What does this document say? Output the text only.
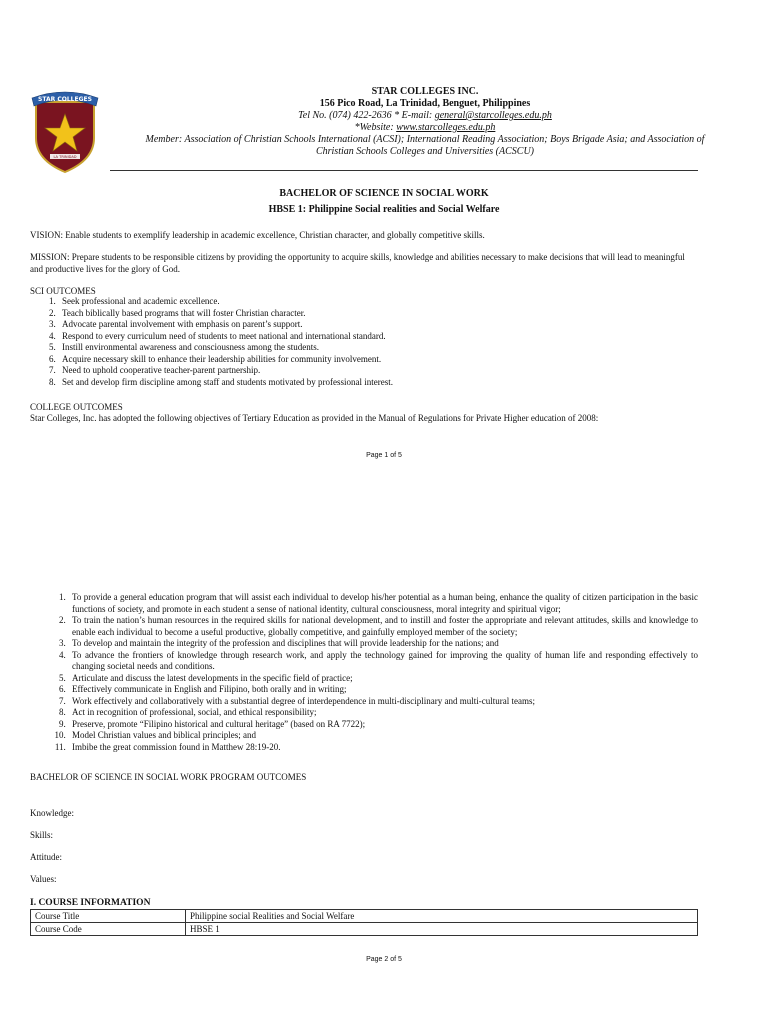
STAR COLLEGES
LA TRINIDAD
STAR COLLEGES INC.
156 Pico Road, La Trinidad, Benguet, Philippines
Tel No. (074) 422-2636 * E-mail: general@starcolleges.edu.ph
*Website: www.starcolleges.edu.ph
Member: Association of Christian Schools International (ACSI); International Reading Association; Boys Brigade Asia; and Association of
Christian Schools Colleges and Universities (ACSCU)
BACHELOR OF SCIENCE IN SOCIAL WORK
HBSE 1: Philippine Social realities and Social Welfare
VISION: Enable students to exemplify leadership in academic excellence, Christian character, and globally competitive skills.
MISSION: Prepare students to be responsible citizens by providing the opportunity to acquire skills, knowledge and abilities necessary to make decisions that will lead to meaningful and productive lives for the glory of God.
SCI OUTCOMES
1. Seek professional and academic excellence.
2. Teach biblically based programs that will foster Christian character.
3. Advocate parental involvement with emphasis on parent’s support.
4. Respond to every curriculum need of students to meet national and international standard.
5. Instill environmental awareness and consciousness among the students.
6. Acquire necessary skill to enhance their leadership abilities for community involvement.
7. Need to uphold cooperative teacher-parent partnership.
8. Set and develop firm discipline among staff and students motivated by professional interest.
COLLEGE OUTCOMES
Star Colleges, Inc. has adopted the following objectives of Tertiary Education as provided in the Manual of Regulations for Private Higher education of 2008:
Page 1 of 5
1. To provide a general education program that will assist each individual to develop his/her potential as a human being, enhance the quality of citizen participation in the basic functions of society, and promote in each student a sense of national identity, cultural consciousness, moral integrity and spiritual vigor;
2. To train the nation’s human resources in the required skills for national development, and to instill and foster the appropriate and relevant attitudes, skills and knowledge to enable each individual to become a useful productive, globally competitive, and gainfully employed member of the society;
3. To develop and maintain the integrity of the profession and disciplines that will provide leadership for the nations; and
4. To advance the frontiers of knowledge through research work, and apply the technology gained for improving the quality of human life and responding effectively to changing societal needs and conditions.
5. Articulate and discuss the latest developments in the specific field of practice;
6. Effectively communicate in English and Filipino, both orally and in writing;
7. Work effectively and collaboratively with a substantial degree of interdependence in multi-disciplinary and multi-cultural teams;
8. Act in recognition of professional, social, and ethical responsibility;
9. Preserve, promote “Filipino historical and cultural heritage” (based on RA 7722);
10. Model Christian values and biblical principles; and
11. Imbibe the great commission found in Matthew 28:19-20.
BACHELOR OF SCIENCE IN SOCIAL WORK PROGRAM OUTCOMES
Knowledge:
Skills:
Attitude:
Values:
I. COURSE INFORMATION
Course Title	Philippine social Realities and Social Welfare
Course Code	HBSE 1
Page 2 of 5
